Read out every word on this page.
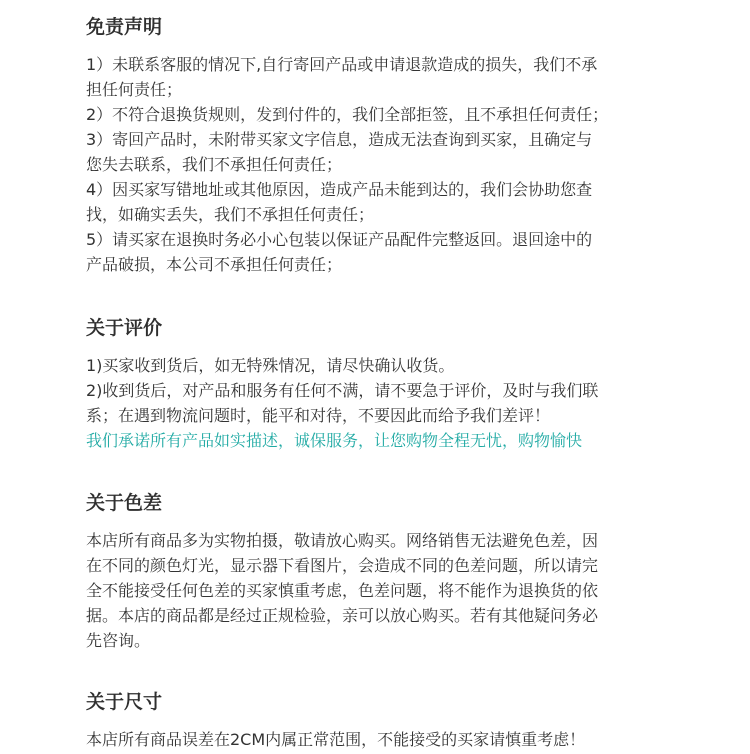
免责声明

1）未联系客服的情况下,自行寄回产品或申请退款造成的损失，我们不承
担任何责任；

2）不符合退换货规则，发到付件的，我们全部拒签，且不承担任何责任；

3）寄回产品时，未附带买家文字信息，造成无法查询到买家，且确定与
您失去联系，我们不承担任何责任；

4）因买家写错地址或其他原因，造成产品未能到达的，我们会协助您查
找，如确实丢失，我们不承担任何责任；

5）请买家在退换时务必小心包装以保证产品配件完整返回。退回途中的
产品破损，本公司不承担任何责任；

关于评价

1)买家收到货后，如无特殊情况，请尽快确认收货。

2)收到货后，对产品和服务有任何不满，请不要急于评价，及时与我们联
系；在遇到物流问题时，能平和对待，不要因此而给予我们差评！

我们承诺所有产品如实描述，诚保服务，让您购物全程无忧，购物愉快

关于色差

本店所有商品多为实物拍摄，敬请放心购买。网络销售无法避免色差，因
在不同的颜色灯光，显示器下看图片，会造成不同的色差问题，所以请完
全不能接受任何色差的买家慎重考虑，色差问题，将不能作为退换货的依
据。本店的商品都是经过正规检验，亲可以放心购买。若有其他疑问务必
先咨询。

关于尺寸

本店所有商品误差在2CM内属正常范围，不能接受的买家请慎重考虑！
